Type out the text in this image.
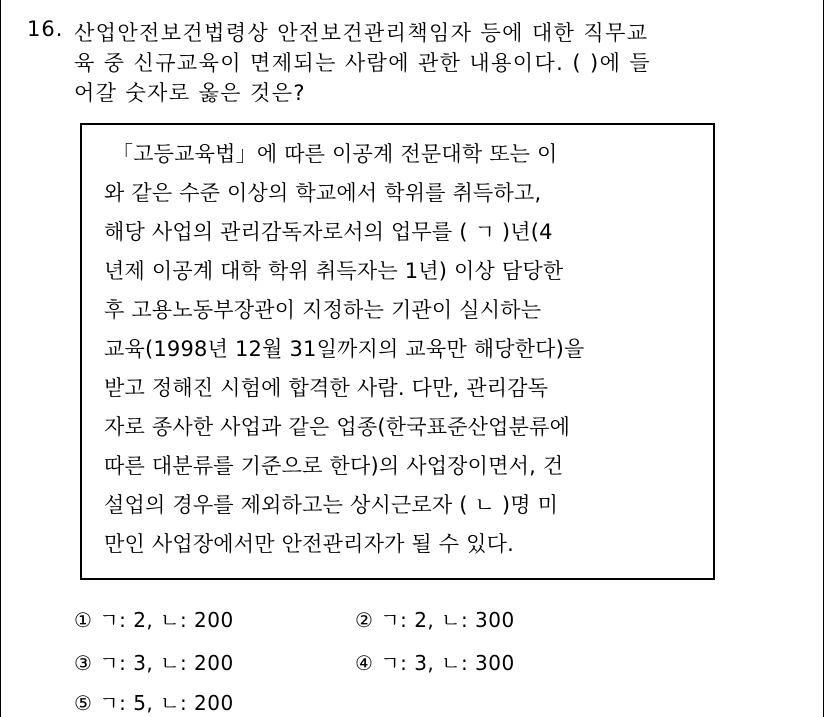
16. 산업안전보건법령상 안전보건관리책임자 등에 대한 직무교
육 중 신규교육이 면제되는 사람에 관한 내용이다. ( )에 들
어갈 숫자로 옳은 것은?
「고등교육법」에 따른 이공계 전문대학 또는 이
와 같은 수준 이상의 학교에서 학위를 취득하고,
해당 사업의 관리감독자로서의 업무를 ( ㄱ )년(4
년제 이공계 대학 학위 취득자는 1년) 이상 담당한
후 고용노동부장관이 지정하는 기관이 실시하는
교육(1998년 12월 31일까지의 교육만 해당한다)을
받고 정해진 시험에 합격한 사람. 다만, 관리감독
자로 종사한 사업과 같은 업종(한국표준산업분류에
따른 대분류를 기준으로 한다)의 사업장이면서, 건
설업의 경우를 제외하고는 상시근로자 ( ㄴ )명 미
만인 사업장에서만 안전관리자가 될 수 있다.
① ㄱ: 2, ㄴ: 200	② ㄱ: 2, ㄴ: 300
③ ㄱ: 3, ㄴ: 200	④ ㄱ: 3, ㄴ: 300
⑤ ㄱ: 5, ㄴ: 200
